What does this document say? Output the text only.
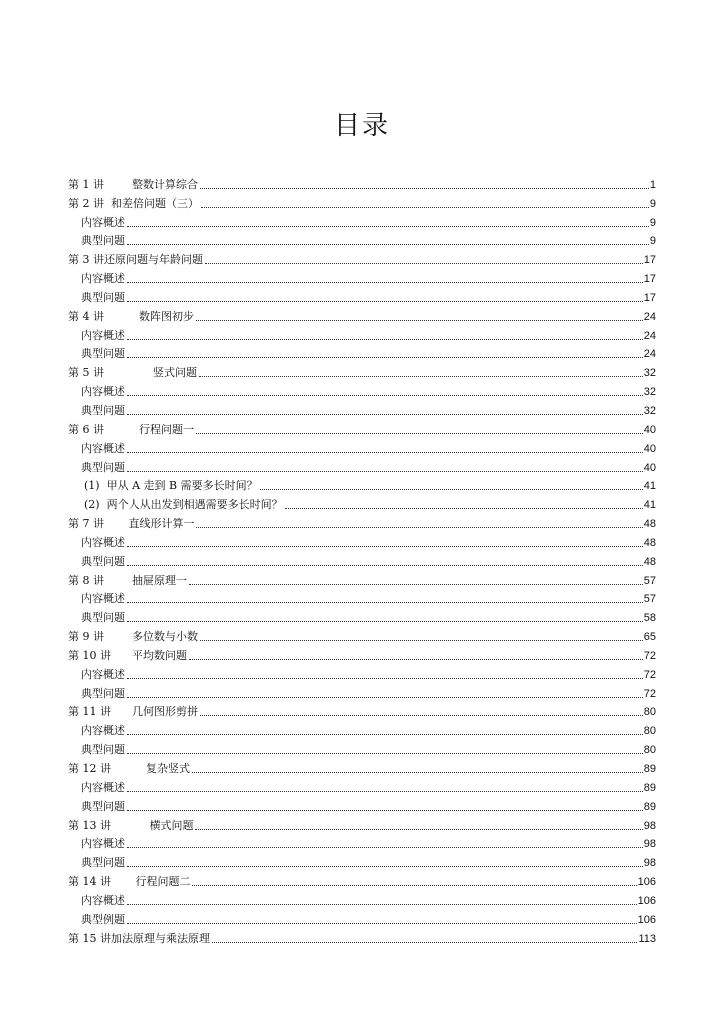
目录
第 1 讲        整数计算综合	1
第 2 讲  和差倍问题（三）	9
内容概述	9
典型问题	9
第 3 讲还原问题与年龄问题	17
内容概述	17
典型问题	17
第 4 讲          数阵图初步	24
内容概述	24
典型问题	24
第 5 讲              竖式问题	32
内容概述	32
典型问题	32
第 6 讲          行程问题一	40
内容概述	40
典型问题	40
(1)  甲从 A 走到 B 需要多长时间？	41
(2)  两个人从出发到相遇需要多长时间？	41
第 7 讲       直线形计算一	48
内容概述	48
典型问题	48
第 8 讲        抽屉原理一	57
内容概述	57
典型问题	58
第 9 讲        多位数与小数	65
第 10 讲      平均数问题	72
内容概述	72
典型问题	72
第 11 讲      几何图形剪拼	80
内容概述	80
典型问题	80
第 12 讲          复杂竖式	89
内容概述	89
典型问题	89
第 13 讲           横式问题	98
内容概述	98
典型问题	98
第 14 讲       行程问题二	106
内容概述	106
典型例题	106
第 15 讲加法原理与乘法原理	113
